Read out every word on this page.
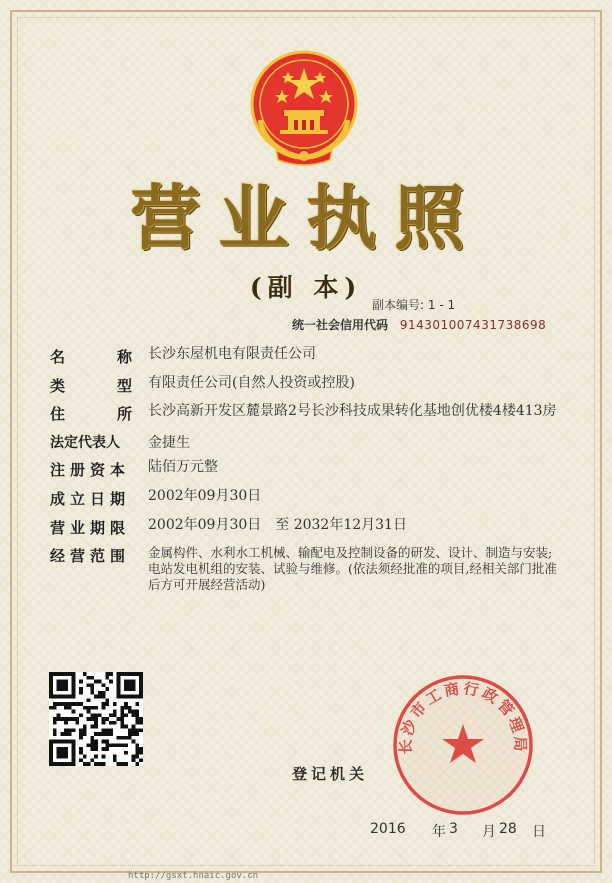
营业执照
(副 本)
副本编号: 1 - 1
统一社会信用代码 914301007431738698
名	称 长沙东屋机电有限责任公司
类	型 有限责任公司(自然人投资或控股)
住	所 长沙高新开发区麓景路2号长沙科技成果转化基地创优楼4楼413房
法定代表人	金捷生
注册资本 陆佰万元整
成立日期 2002年09月30日
营业期限 2002年09月30日　至 2032年12月31日
经营范围 金属构件、水利水工机械、输配电及控制设备的研发、设计、制造与安装;电站发电机组的安装、试验与维修。(依法须经批准的项目,经相关部门批准后方可开展经营活动)
登记机关
长沙市工商行政管理局
2016 年 3 月 28 日
http://gsxt.hnaic.gov.cn
